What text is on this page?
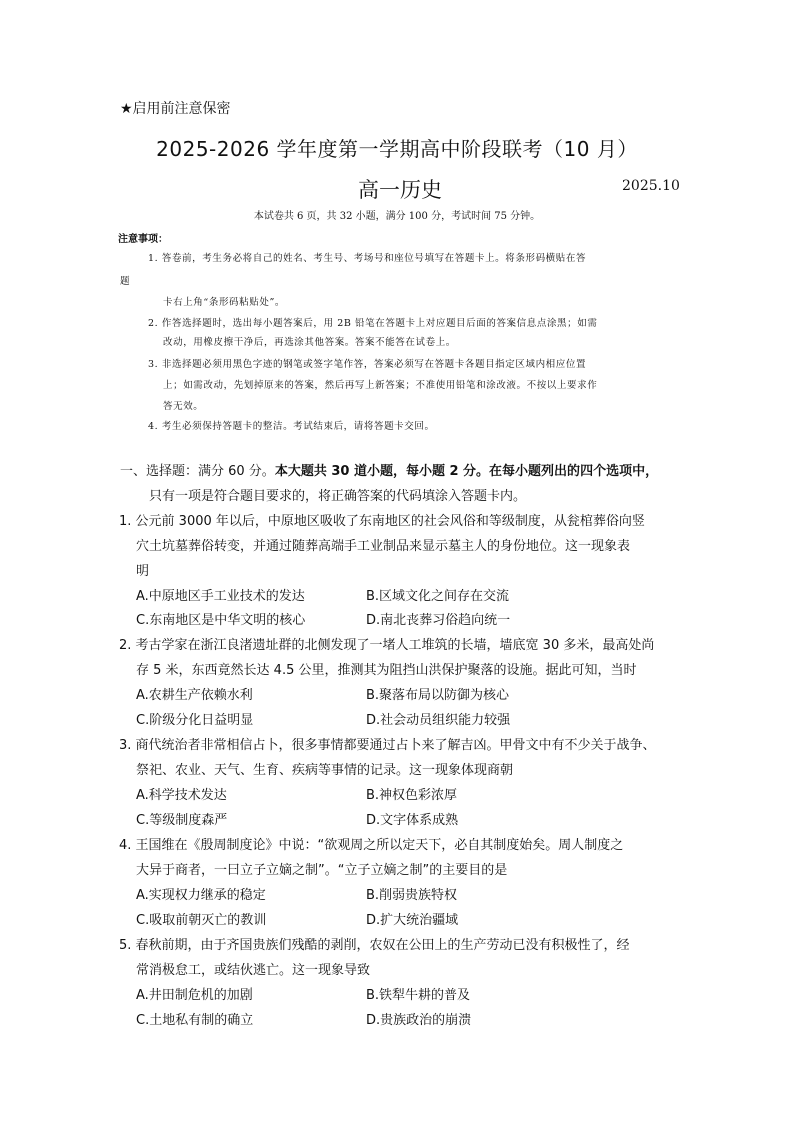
★启用前注意保密
2025-2026 学年度第一学期高中阶段联考（10 月）
高一历史	2025.10
本试卷共 6 页，共 32 小题，满分 100 分，考试时间 75 分钟。
注意事项：
1. 答卷前，考生务必将自己的姓名、考生号、考场号和座位号填写在答题卡上。将条形码横贴在答
题
卡右上角“条形码粘贴处”。
2. 作答选择题时，选出每小题答案后，用 2B 铅笔在答题卡上对应题目后面的答案信息点涂黑；如需
改动，用橡皮擦干净后，再选涂其他答案。答案不能答在试卷上。
3. 非选择题必须用黑色字迹的钢笔或签字笔作答，答案必须写在答题卡各题目指定区域内相应位置
上；如需改动，先划掉原来的答案，然后再写上新答案；不准使用铅笔和涂改液。不按以上要求作
答无效。
4. 考生必须保持答题卡的整洁。考试结束后，请将答题卡交回。
一、选择题：满分 60 分。本大题共 30 道小题，每小题 2 分。在每小题列出的四个选项中，
只有一项是符合题目要求的，将正确答案的代码填涂入答题卡内。
1. 公元前 3000 年以后，中原地区吸收了东南地区的社会风俗和等级制度，从瓮棺葬俗向竖
穴土坑墓葬俗转变，并通过随葬高端手工业制品来显示墓主人的身份地位。这一现象表
明
A.中原地区手工业技术的发达	B.区域文化之间存在交流
C.东南地区是中华文明的核心	D.南北丧葬习俗趋向统一
2. 考古学家在浙江良渚遗址群的北侧发现了一堵人工堆筑的长墙，墙底宽 30 多米，最高处尚
存 5 米，东西竟然长达 4.5 公里，推测其为阻挡山洪保护聚落的设施。据此可知，当时
A.农耕生产依赖水利	B.聚落布局以防御为核心
C.阶级分化日益明显	D.社会动员组织能力较强
3. 商代统治者非常相信占卜，很多事情都要通过占卜来了解吉凶。甲骨文中有不少关于战争、
祭祀、农业、天气、生育、疾病等事情的记录。这一现象体现商朝
A.科学技术发达	B.神权色彩浓厚
C.等级制度森严	D.文字体系成熟
4. 王国维在《殷周制度论》中说：“欲观周之所以定天下，必自其制度始矣。周人制度之
大异于商者，一曰立子立嫡之制”。“立子立嫡之制”的主要目的是
A.实现权力继承的稳定	B.削弱贵族特权
C.吸取前朝灭亡的教训	D.扩大统治疆域
5. 春秋前期，由于齐国贵族们残酷的剥削，农奴在公田上的生产劳动已没有积极性了，经
常消极怠工，或结伙逃亡。这一现象导致
A.井田制危机的加剧	B.铁犁牛耕的普及
C.土地私有制的确立	D.贵族政治的崩溃
